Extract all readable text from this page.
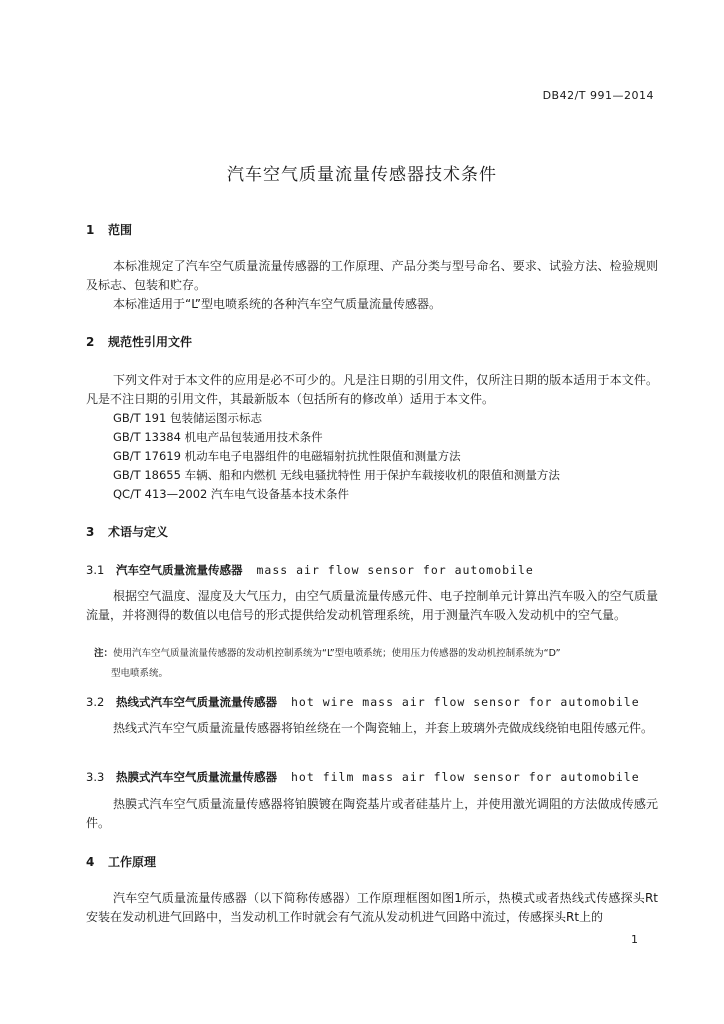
DB42/T 991—2014
汽车空气质量流量传感器技术条件
1 范围
本标准规定了汽车空气质量流量传感器的工作原理、产品分类与型号命名、要求、试验方法、检验规则及标志、包装和贮存。
本标准适用于“L”型电喷系统的各种汽车空气质量流量传感器。
2 规范性引用文件
下列文件对于本文件的应用是必不可少的。凡是注日期的引用文件，仅所注日期的版本适用于本文件。凡是不注日期的引用文件，其最新版本（包括所有的修改单）适用于本文件。
GB/T 191 包装储运图示标志
GB/T 13384 机电产品包装通用技术条件
GB/T 17619 机动车电子电器组件的电磁辐射抗扰性限值和测量方法
GB/T 18655 车辆、船和内燃机 无线电骚扰特性 用于保护车载接收机的限值和测量方法
QC/T 413—2002 汽车电气设备基本技术条件
3 术语与定义
3.1 汽车空气质量流量传感器 mass air flow sensor for automobile
根据空气温度、湿度及大气压力，由空气质量流量传感元件、电子控制单元计算出汽车吸入的空气质量流量，并将测得的数值以电信号的形式提供给发动机管理系统，用于测量汽车吸入发动机中的空气量。
注：使用汽车空气质量流量传感器的发动机控制系统为“L”型电喷系统；使用压力传感器的发动机控制系统为“D”
型电喷系统。
3.2 热线式汽车空气质量流量传感器 hot wire mass air flow sensor for automobile
热线式汽车空气质量流量传感器将铂丝绕在一个陶瓷轴上，并套上玻璃外壳做成线绕铂电阻传感元件。
3.3 热膜式汽车空气质量流量传感器 hot film mass air flow sensor for automobile
热膜式汽车空气质量流量传感器将铂膜镀在陶瓷基片或者硅基片上，并使用激光调阻的方法做成传感元件。
4 工作原理
汽车空气质量流量传感器（以下简称传感器）工作原理框图如图1所示，热模式或者热线式传感探头Rt安装在发动机进气回路中，当发动机工作时就会有气流从发动机进气回路中流过，传感探头Rt上的
1
